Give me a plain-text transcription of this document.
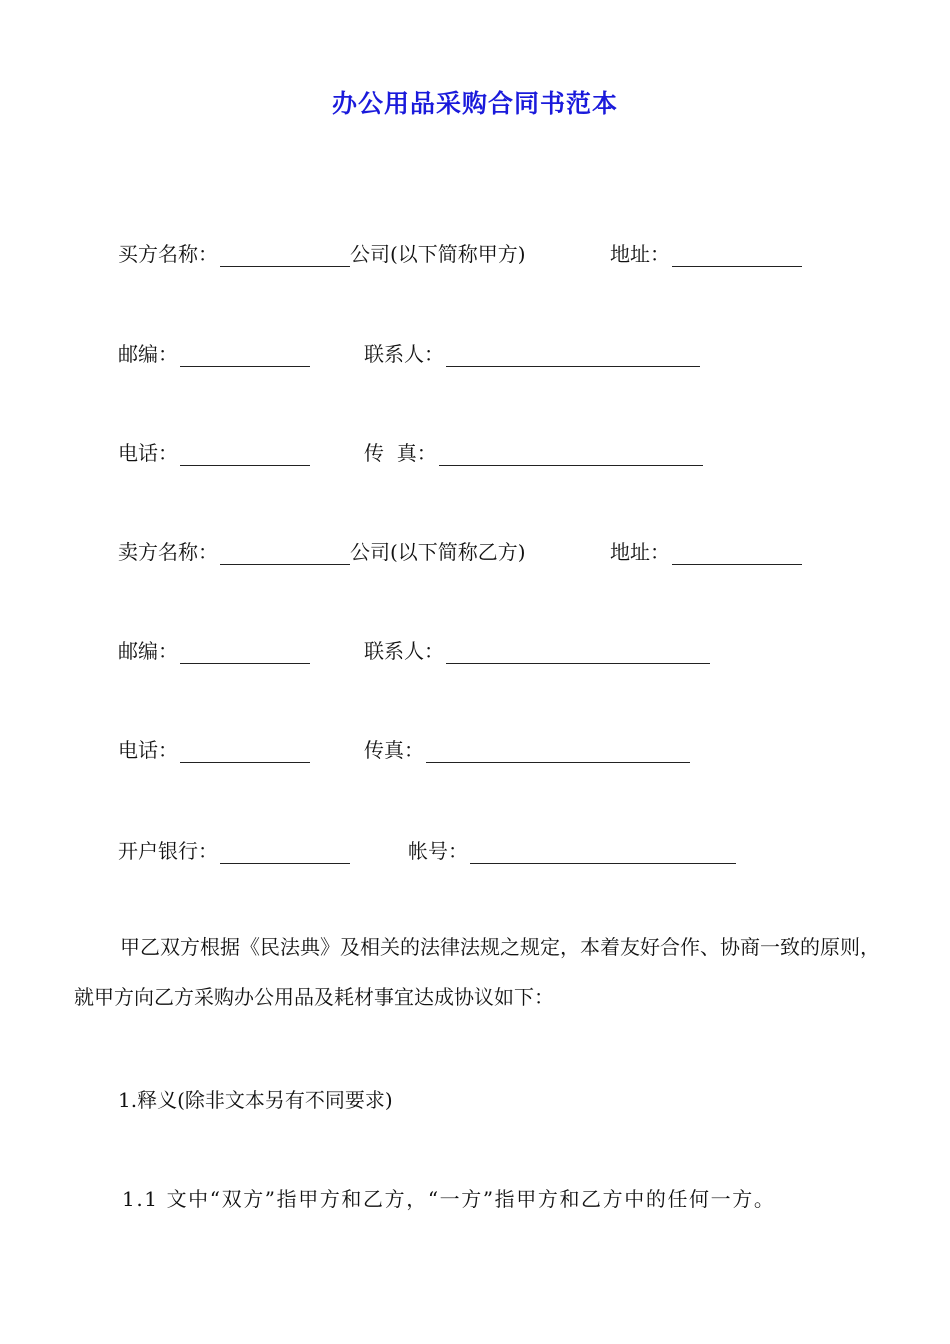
办公用品采购合同书范本
买方名称：	公司(以下简称甲方)	地址：
邮编：	联系人：
电话：	传  真：
卖方名称：	公司(以下简称乙方)	地址：
邮编：	联系人：
电话：	传真：
开户银行：	帐号：
甲乙双方根据《民法典》及相关的法律法规之规定，本着友好合作、协商一致的原则，就甲方向乙方采购办公用品及耗材事宜达成协议如下：
1.释义(除非文本另有不同要求)
1.1 文中“双方”指甲方和乙方，“一方”指甲方和乙方中的任何一方。
